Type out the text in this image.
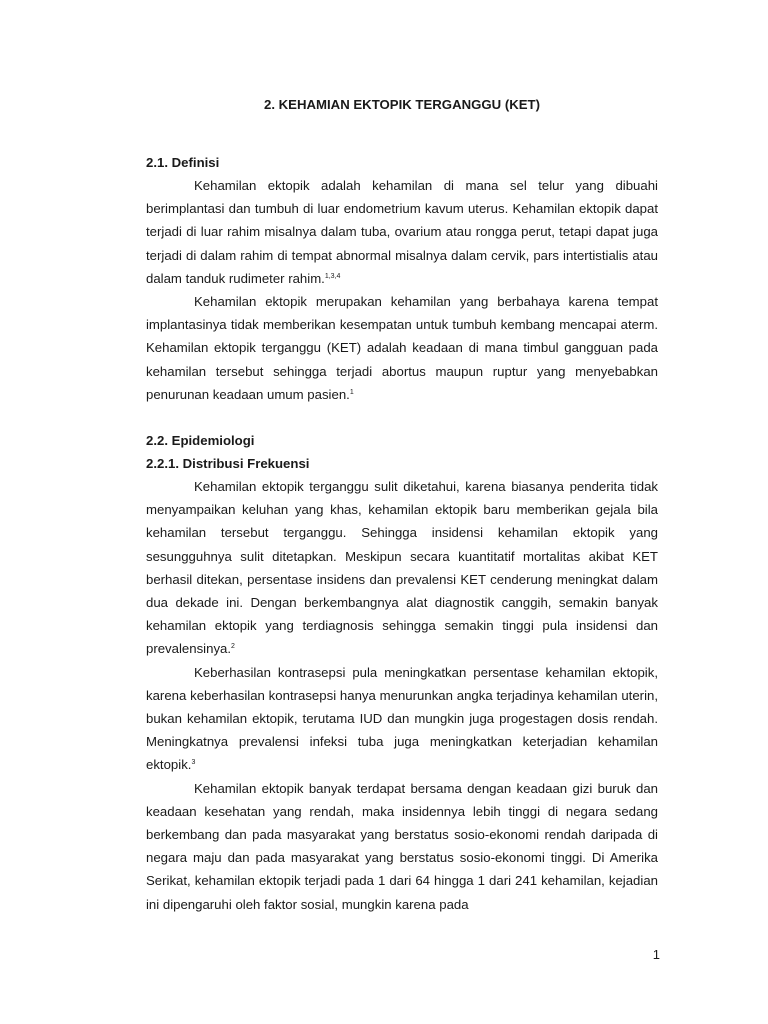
2. KEHAMIAN EKTOPIK TERGANGGU (KET)
2.1. Definisi

Kehamilan ektopik adalah kehamilan di mana sel telur yang dibuahi berimplantasi dan tumbuh di luar endometrium kavum uterus. Kehamilan ektopik dapat terjadi di luar rahim misalnya dalam tuba, ovarium atau rongga perut, tetapi dapat juga terjadi di dalam rahim di tempat abnormal misalnya dalam cervik, pars intertistialis atau dalam tanduk rudimeter rahim.$^{1,3,4}$

Kehamilan ektopik merupakan kehamilan yang berbahaya karena tempat implantasinya tidak memberikan kesempatan untuk tumbuh kembang mencapai aterm. Kehamilan ektopik terganggu (KET) adalah keadaan di mana timbul gangguan pada kehamilan tersebut sehingga terjadi abortus maupun ruptur yang menyebabkan penurunan keadaan umum pasien.$^1$

2.2. Epidemiologi
2.2.1. Distribusi Frekuensi

Kehamilan ektopik terganggu sulit diketahui, karena biasanya penderita tidak menyampaikan keluhan yang khas, kehamilan ektopik baru memberikan gejala bila kehamilan tersebut terganggu. Sehingga insidensi kehamilan ektopik yang sesungguhnya sulit ditetapkan. Meskipun secara kuantitatif mortalitas akibat KET berhasil ditekan, persentase insidens dan prevalensi KET cenderung meningkat dalam dua dekade ini. Dengan berkembangnya alat diagnostik canggih, semakin banyak kehamilan ektopik yang terdiagnosis sehingga semakin tinggi pula insidensi dan prevalensinya.$^2$

Keberhasilan kontrasepsi pula meningkatkan persentase kehamilan ektopik, karena keberhasilan kontrasepsi hanya menurunkan angka terjadinya kehamilan uterin, bukan kehamilan ektopik, terutama IUD dan mungkin juga progestagen dosis rendah. Meningkatnya prevalensi infeksi tuba juga meningkatkan keterjadian kehamilan ektopik.$^3$

Kehamilan ektopik banyak terdapat bersama dengan keadaan gizi buruk dan keadaan kesehatan yang rendah, maka insidennya lebih tinggi di negara sedang berkembang dan pada masyarakat yang berstatus sosio-ekonomi rendah daripada di negara maju dan pada masyarakat yang berstatus sosio-ekonomi tinggi. Di Amerika Serikat, kehamilan ektopik terjadi pada 1 dari 64 hingga 1 dari 241 kehamilan, kejadian ini dipengaruhi oleh faktor sosial, mungkin karena pada

1
